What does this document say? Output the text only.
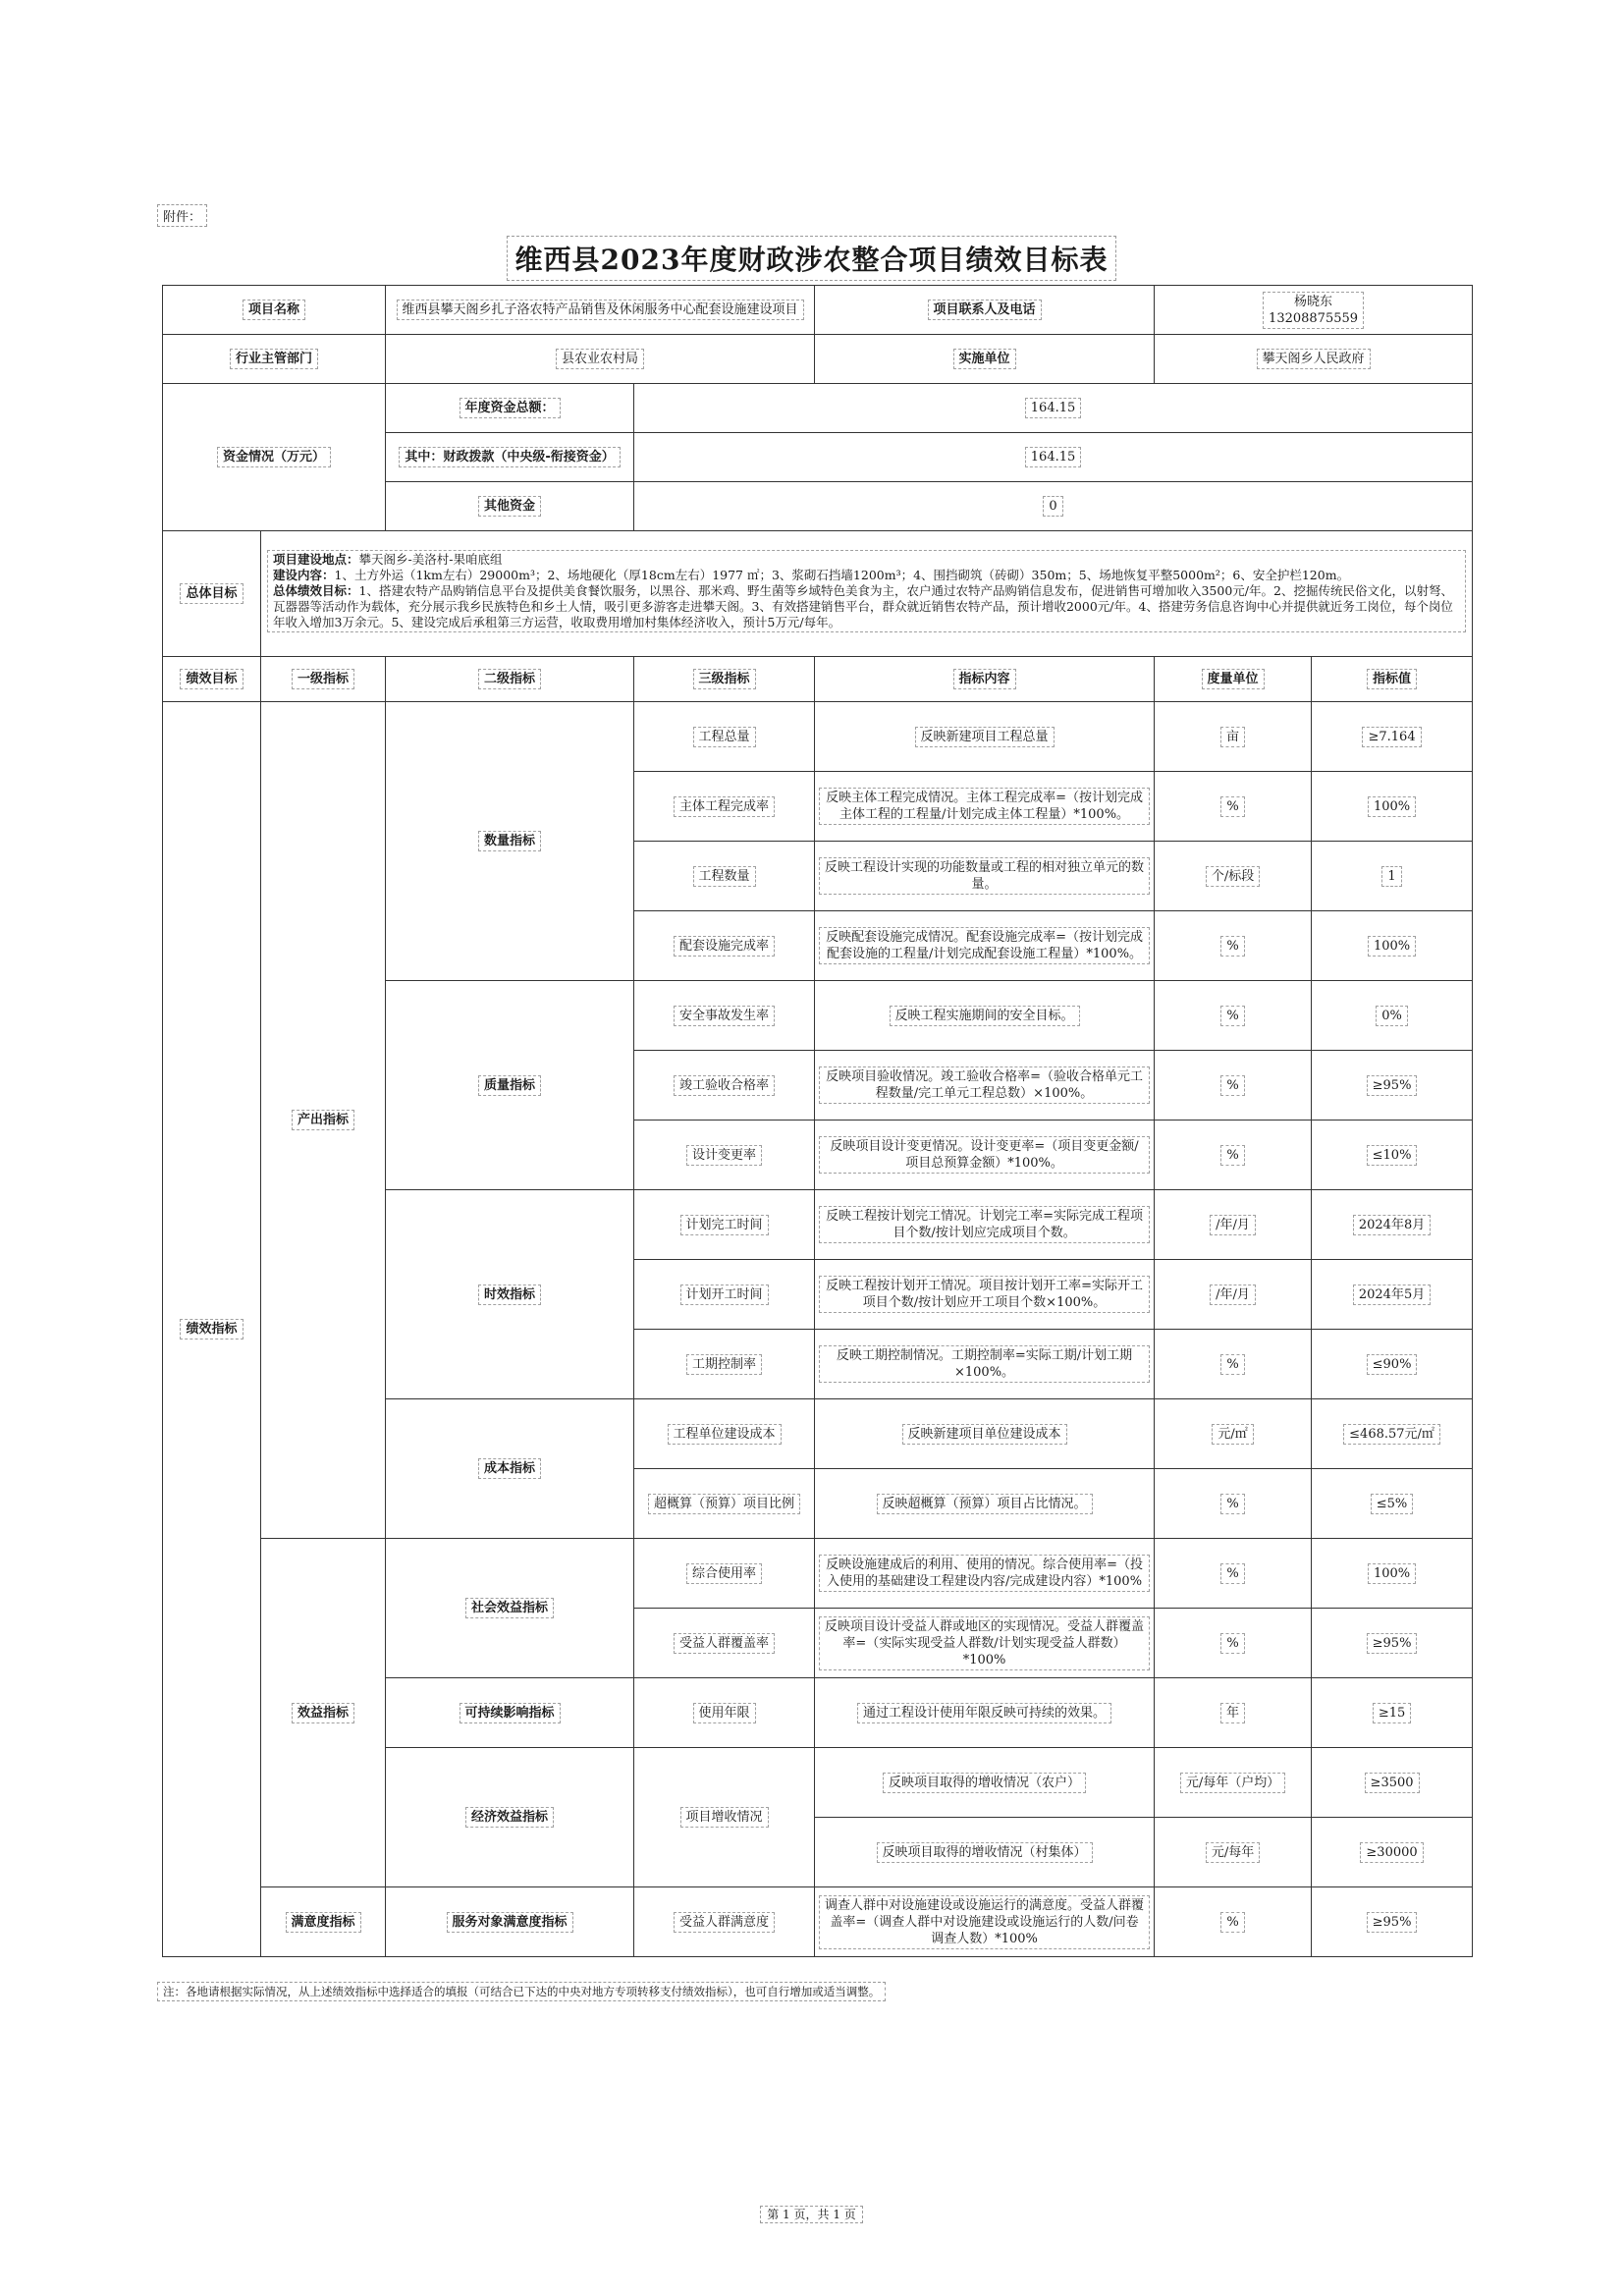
附件：
维西县2023年度财政涉农整合项目绩效目标表
项目名称		维西县攀天阁乡扎子洛农特产品销售及休闲服务中心配套设施建设项目		项目联系人及电话	杨晓东
13208875559	
行业主管部门		县农业农村局		实施单位	攀天阁乡人民政府	
资金情况（万元）		年度资金总额：	164.15			
		其中：财政拨款（中央级-衔接资金）	164.15			
		其他资金	0			
总体目标	项目建设地点：攀天阁乡-美洛村-果咱底组
建设内容：1、土方外运（1km左右）29000m³；2、场地硬化（厚18cm左右）1977 ㎡；3、浆砌石挡墙1200m³；4、围挡砌筑（砖砌）350m；5、场地恢复平整5000m²；6、安全护栏120m。
总体绩效目标：1、搭建农特产品购销信息平台及提供美食餐饮服务，以黑谷、那米鸡、野生菌等乡域特色美食为主，农户通过农特产品购销信息发布，促进销售可增加收入3500元/年。2、挖掘传统民俗文化，以射弩、瓦器器等活动作为载体，充分展示我乡民族特色和乡土人情，吸引更多游客走进攀天阁。3、有效搭建销售平台，群众就近销售农特产品，预计增收2000元/年。4、搭建劳务信息咨询中心并提供就近务工岗位，每个岗位年收入增加3万余元。5、建设完成后承租第三方运营，收取费用增加村集体经济收入，预计5万元/每年。					

绩效目标	一级指标	二级指标	三级指标	指标内容	度量单位	指标值
绩效指标	产出指标	数量指标	工程总量	反映新建项目工程总量	亩	≥7.164
			主体工程完成率	反映主体工程完成情况。主体工程完成率=（按计划完成主体工程的工程量/计划完成主体工程量）*100%。	%	100%
			工程数量	反映工程设计实现的功能数量或工程的相对独立单元的数量。	个/标段	1
			配套设施完成率	反映配套设施完成情况。配套设施完成率=（按计划完成配套设施的工程量/计划完成配套设施工程量）*100%。	%	100%
		质量指标	安全事故发生率	反映工程实施期间的安全目标。	%	0%
			竣工验收合格率	反映项目验收情况。竣工验收合格率=（验收合格单元工程数量/完工单元工程总数）×100%。	%	≥95%
			设计变更率	反映项目设计变更情况。设计变更率=（项目变更金额/项目总预算金额）*100%。	%	≤10%
		时效指标	计划完工时间	反映工程按计划完工情况。计划完工率=实际完成工程项目个数/按计划应完成项目个数。	/年/月	2024年8月
			计划开工时间	反映工程按计划开工情况。项目按计划开工率=实际开工项目个数/按计划应开工项目个数×100%。	/年/月	2024年5月
			工期控制率	反映工期控制情况。工期控制率=实际工期/计划工期×100%。	%	≤90%
		成本指标	工程单位建设成本	反映新建项目单位建设成本	元/㎡	≤468.57元/㎡
			超概算（预算）项目比例	反映超概算（预算）项目占比情况。	%	≤5%
	效益指标	社会效益指标	综合使用率	反映设施建成后的利用、使用的情况。综合使用率=（投入使用的基础建设工程建设内容/完成建设内容）*100%	%	100%
			受益人群覆盖率	反映项目设计受益人群或地区的实现情况。受益人群覆盖率=（实际实现受益人群数/计划实现受益人群数）*100%	%	≥95%
		可持续影响指标	使用年限	通过工程设计使用年限反映可持续的效果。	年	≥15
		经济效益指标	项目增收情况	反映项目取得的增收情况（农户）	元/每年（户均）	≥3500
				反映项目取得的增收情况（村集体）	元/每年	≥30000
	满意度指标	服务对象满意度指标	受益人群满意度	调查人群中对设施建设或设施运行的满意度。受益人群覆盖率=（调查人群中对设施建设或设施运行的人数/问卷调查人数）*100%	%	≥95%
注：各地请根据实际情况，从上述绩效指标中选择适合的填报（可结合已下达的中央对地方专项转移支付绩效指标），也可自行增加或适当调整。
第 1 页，共 1 页
